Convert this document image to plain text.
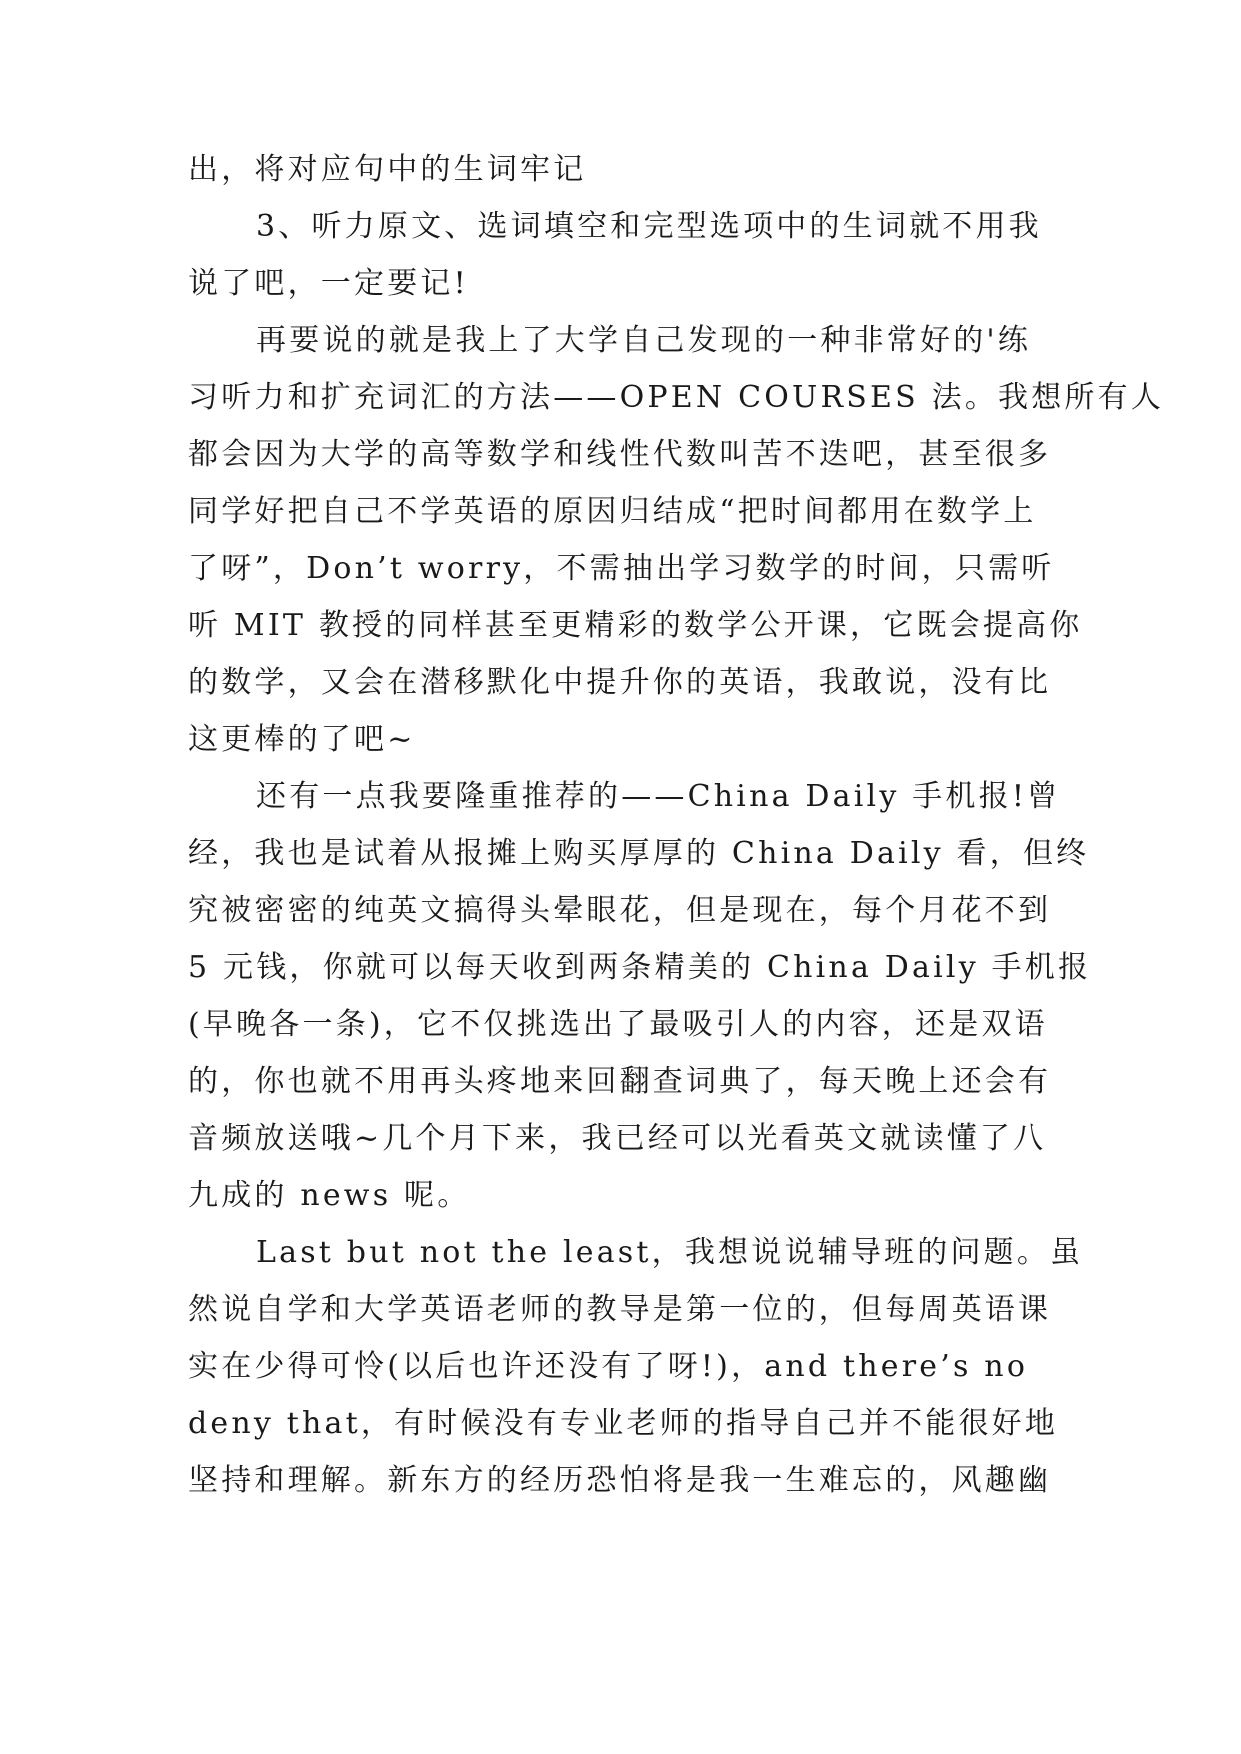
出，将对应句中的生词牢记

3、听力原文、选词填空和完型选项中的生词就不用我

说了吧，一定要记!

再要说的就是我上了大学自己发现的一种非常好的'练

习听力和扩充词汇的方法——OPEN COURSES 法。我想所有人

都会因为大学的高等数学和线性代数叫苦不迭吧，甚至很多

同学好把自己不学英语的原因归结成“把时间都用在数学上

了呀”，Don’t worry，不需抽出学习数学的时间，只需听

听 MIT 教授的同样甚至更精彩的数学公开课，它既会提高你

的数学，又会在潜移默化中提升你的英语，我敢说，没有比

这更棒的了吧~

还有一点我要隆重推荐的——China Daily 手机报!曾

经，我也是试着从报摊上购买厚厚的 China Daily 看，但终

究被密密的纯英文搞得头晕眼花，但是现在，每个月花不到

5 元钱，你就可以每天收到两条精美的 China Daily 手机报

(早晚各一条)，它不仅挑选出了最吸引人的内容，还是双语

的，你也就不用再头疼地来回翻查词典了，每天晚上还会有

音频放送哦~几个月下来，我已经可以光看英文就读懂了八

九成的 news 呢。

Last but not the least，我想说说辅导班的问题。虽

然说自学和大学英语老师的教导是第一位的，但每周英语课

实在少得可怜(以后也许还没有了呀!)，and there’s no

deny that，有时候没有专业老师的指导自己并不能很好地

坚持和理解。新东方的经历恐怕将是我一生难忘的，风趣幽
